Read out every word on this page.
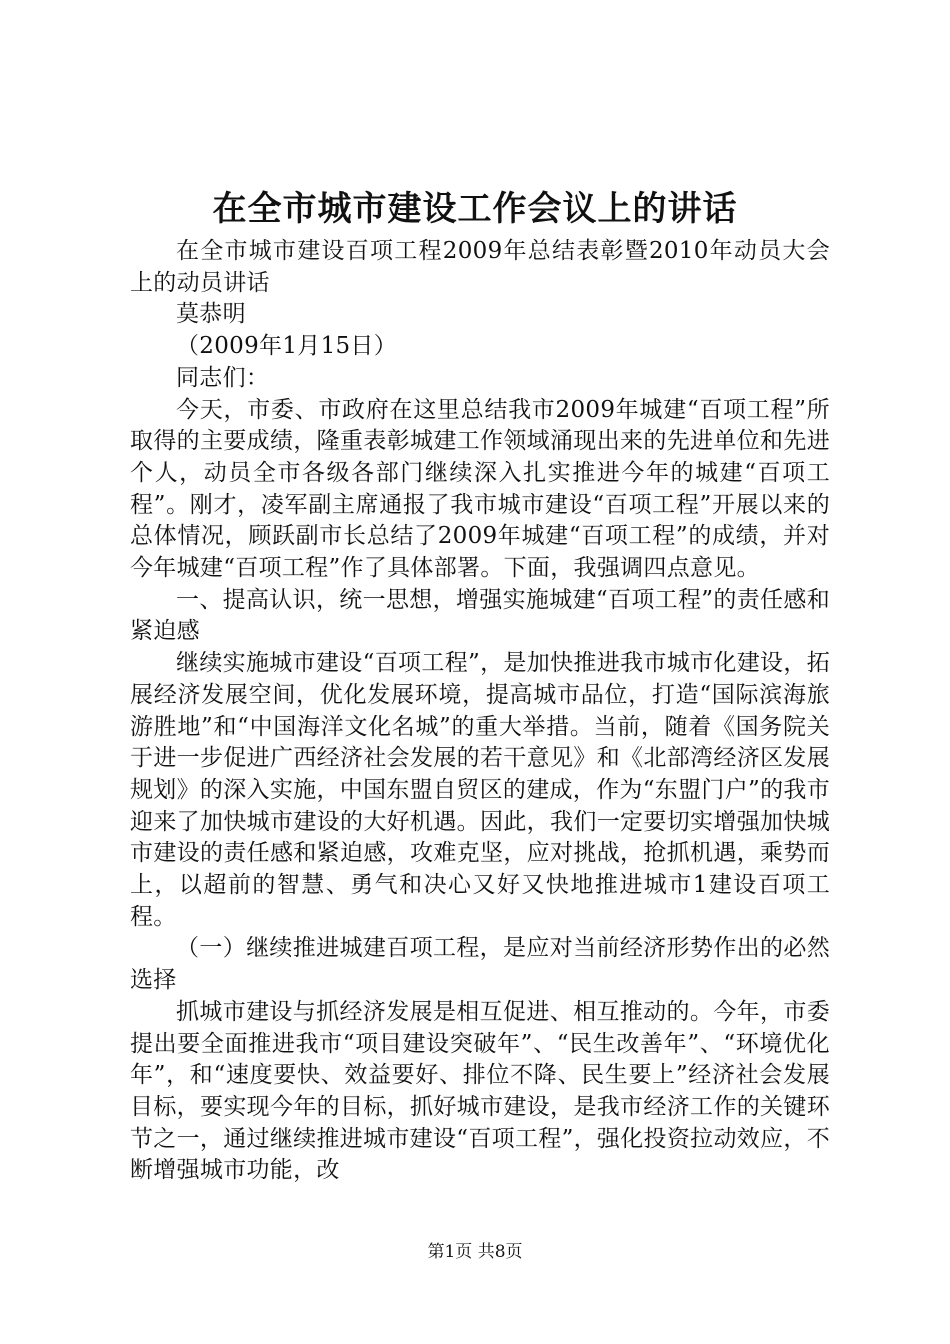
在全市城市建设工作会议上的讲话

在全市城市建设百项工程2009年总结表彰暨2010年动员大会上的动员讲话

莫恭明

（2009年1月15日）

同志们：

今天，市委、市政府在这里总结我市2009年城建“百项工程”所取得的主要成绩，隆重表彰城建工作领域涌现出来的先进单位和先进个人，动员全市各级各部门继续深入扎实推进今年的城建“百项工程”。刚才，凌军副主席通报了我市城市建设“百项工程”开展以来的总体情况，顾跃副市长总结了2009年城建“百项工程”的成绩，并对今年城建“百项工程”作了具体部署。下面，我强调四点意见。

一、提高认识，统一思想，增强实施城建“百项工程”的责任感和紧迫感

继续实施城市建设“百项工程”，是加快推进我市城市化建设，拓展经济发展空间，优化发展环境，提高城市品位，打造“国际滨海旅游胜地”和“中国海洋文化名城”的重大举措。当前，随着《国务院关于进一步促进广西经济社会发展的若干意见》和《北部湾经济区发展规划》的深入实施，中国东盟自贸区的建成，作为“东盟门户”的我市迎来了加快城市建设的大好机遇。因此，我们一定要切实增强加快城市建设的责任感和紧迫感，攻难克坚，应对挑战，抢抓机遇，乘势而上，以超前的智慧、勇气和决心又好又快地推进城市1建设百项工程。

（一）继续推进城建百项工程，是应对当前经济形势作出的必然选择

抓城市建设与抓经济发展是相互促进、相互推动的。今年，市委提出要全面推进我市“项目建设突破年”、“民生改善年”、“环境优化年”，和“速度要快、效益要好、排位不降、民生要上”经济社会发展目标，要实现今年的目标，抓好城市建设，是我市经济工作的关键环节之一，通过继续推进城市建设“百项工程”，强化投资拉动效应，不断增强城市功能，改

第1页 共8页
